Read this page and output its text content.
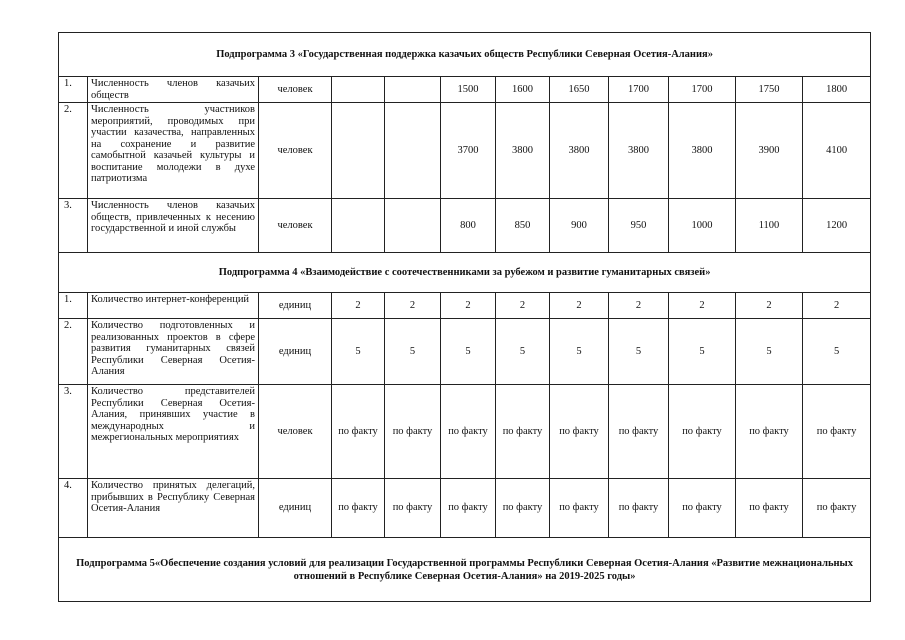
Подпрограмма 3 «Государственная поддержка казачьих обществ Республики Северная Осетия-Алания»											
1.	Численность членов казачьих обществ	человек			1500	1600	1650	1700	1700	1750	1800
2.	Численность участников мероприятий, проводимых при участии казачества, направленных на сохранение и развитие самобытной казачьей культуры и воспитание молодежи в духе патриотизма	человек			3700	3800	3800	3800	3800	3900	4100
3.	Численность членов казачьих обществ, привлеченных к несению государственной и иной службы	человек			800	850	900	950	1000	1100	1200
Подпрограмма 4 «Взаимодействие с соотечественниками за рубежом и развитие гуманитарных связей»											
1.	Количество интернет-конференций	единиц	2	2	2	2	2	2	2	2	2
2.	Количество подготовленных и реализованных проектов в сфере развития гуманитарных связей Республики Северная Осетия-Алания	единиц	5	5	5	5	5	5	5	5	5
3.	Количество представителей Республики Северная Осетия-Алания, принявших участие в международных и межрегиональных мероприятиях	человек	по факту	по факту	по факту	по факту	по факту	по факту	по факту	по факту	по факту
4.	Количество принятых делегаций, прибывших в Республику Северная Осетия-Алания	единиц	по факту	по факту	по факту	по факту	по факту	по факту	по факту	по факту	по факту
Подпрограмма 5«Обеспечение создания условий для реализации Государственной программы Республики Северная Осетия-Алания «Развитие межнациональных отношений в Республике Северная Осетия-Алания» на 2019-2025 годы»											
